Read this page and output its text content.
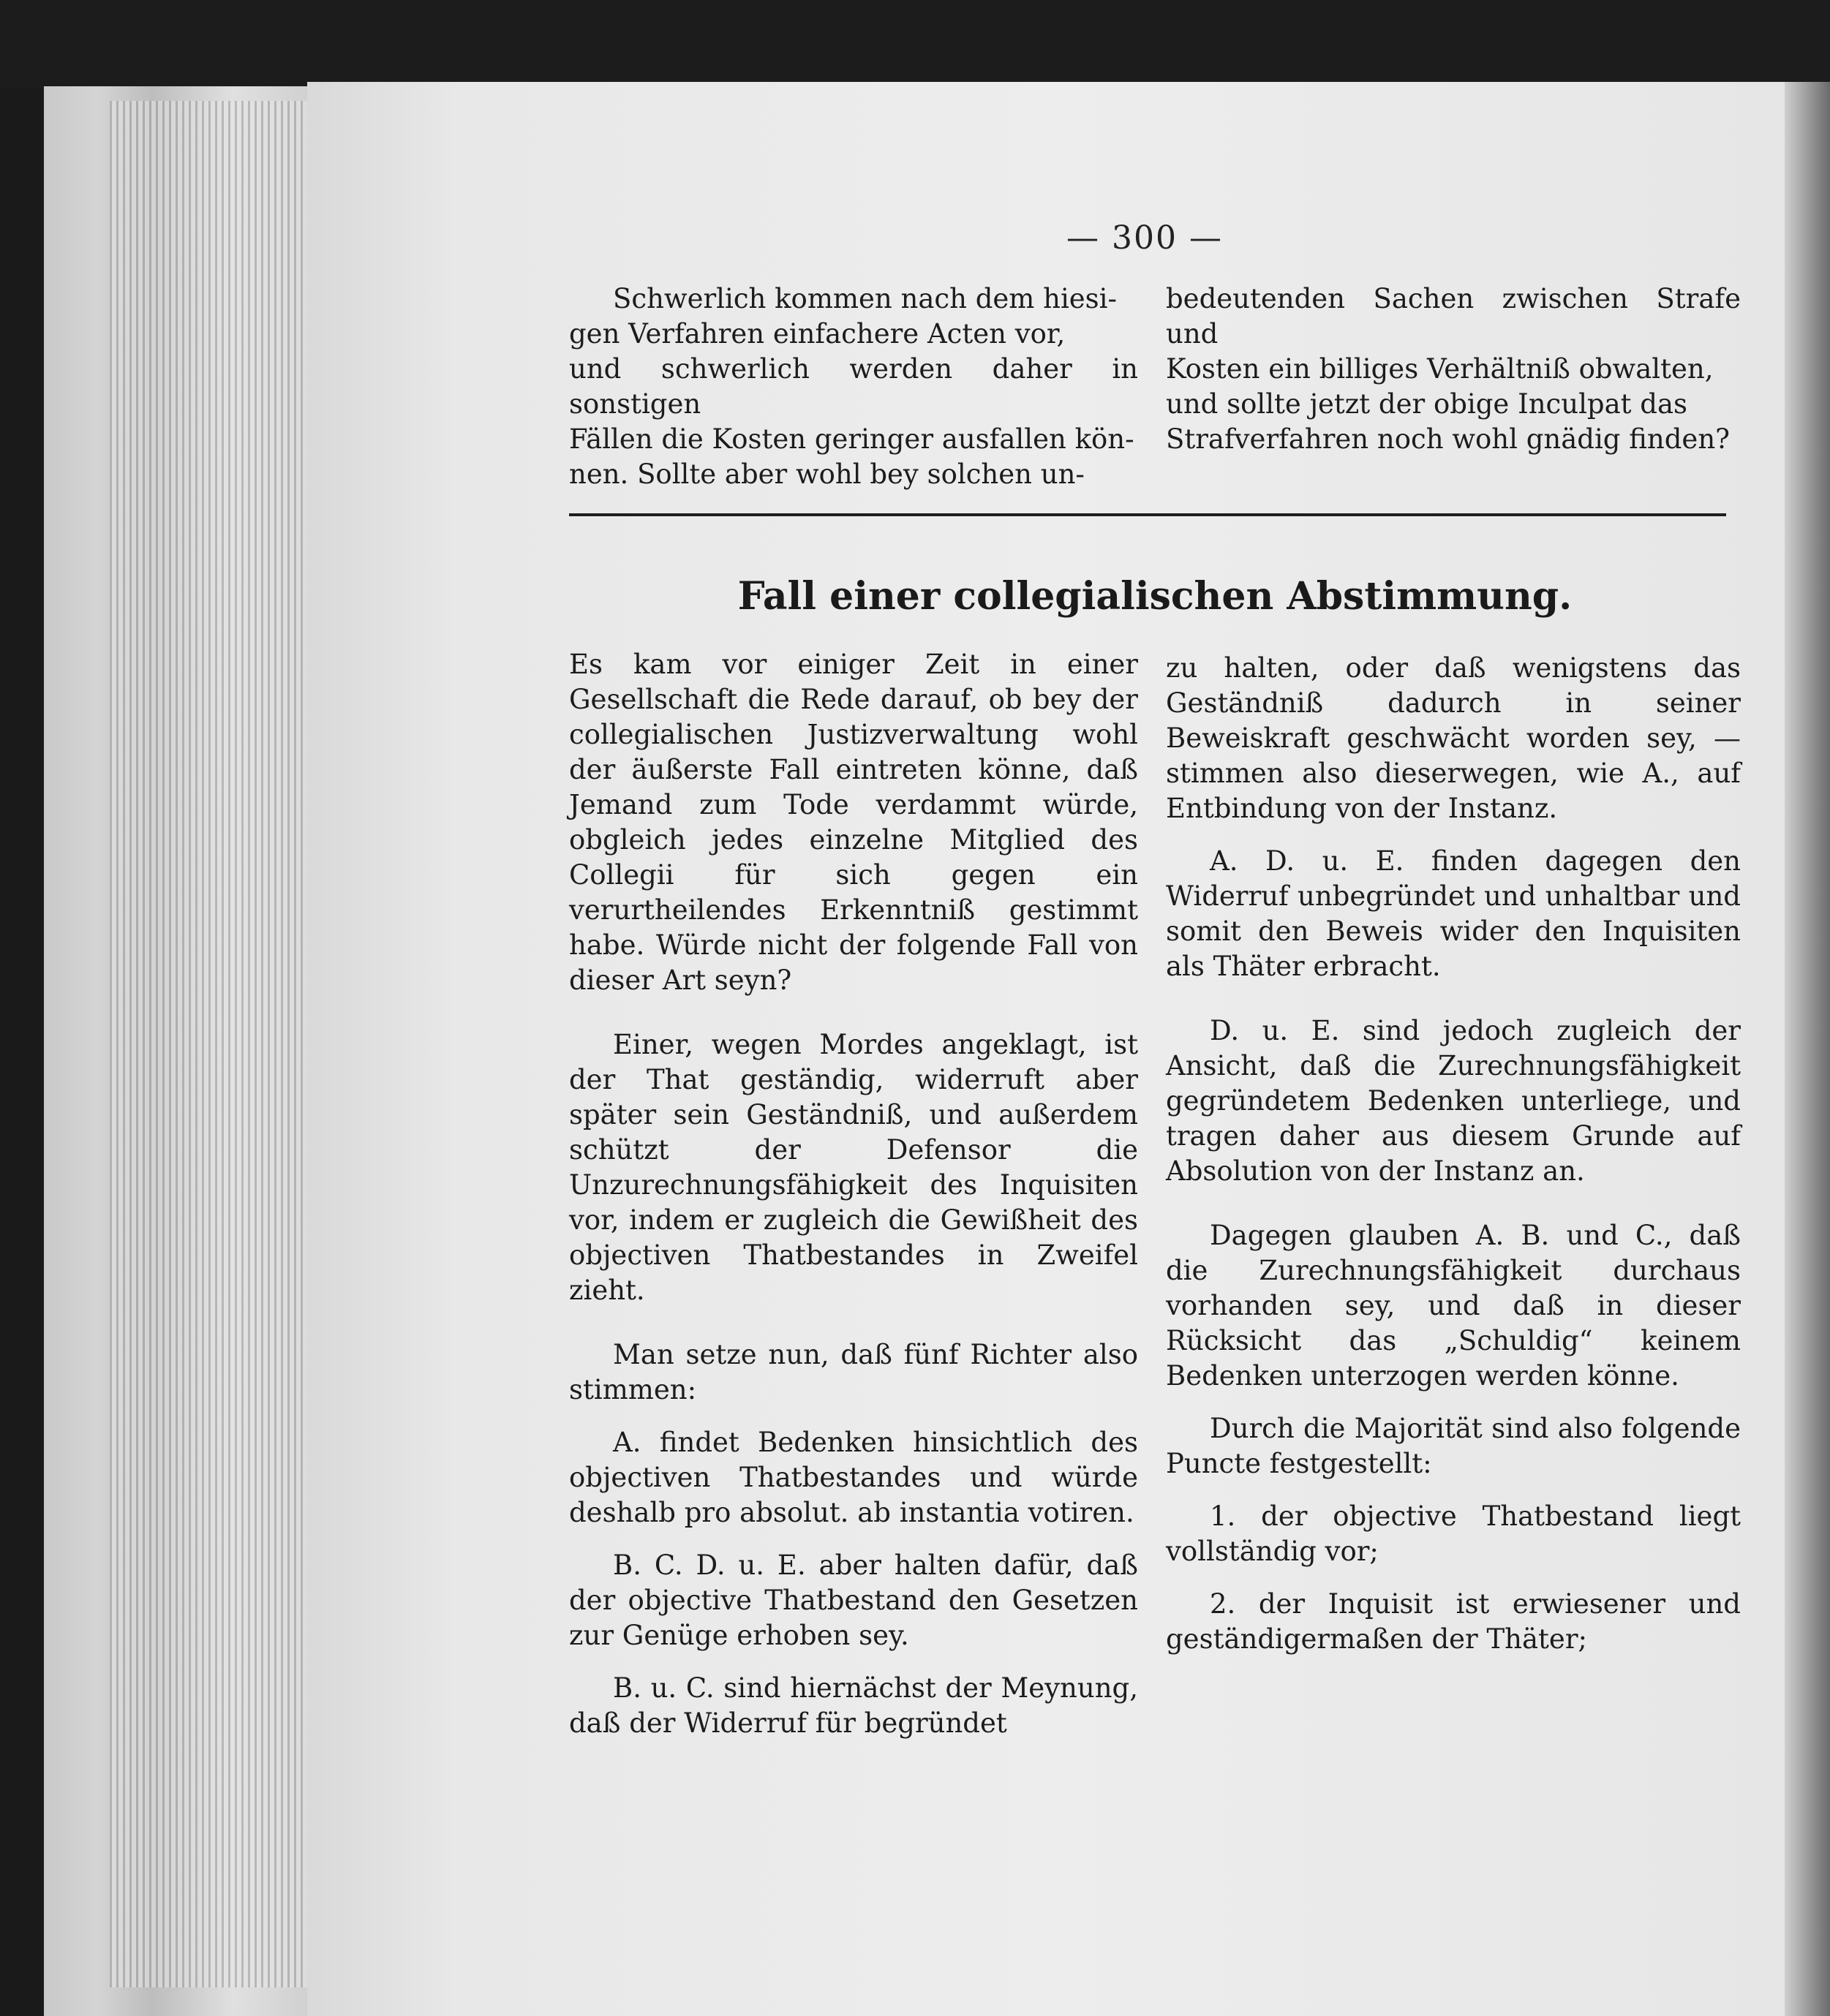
— 300 —

Schwerlich kommen nach dem hiesi-

gen Verfahren einfachere Acten vor,

und schwerlich werden daher in sonstigen

Fällen die Kosten geringer ausfallen kön-

nen. Sollte aber wohl bey solchen un-

bedeutenden Sachen zwischen Strafe und

Kosten ein billiges Verhältniß obwalten,

und sollte jetzt der obige Inculpat das

Strafverfahren noch wohl gnädig finden?

Fall einer collegialischen Abstimmung.

Es kam vor einiger Zeit in einer Gesellschaft die Rede darauf, ob bey der collegialischen Justizverwaltung wohl der äußerste Fall eintreten könne, daß Jemand zum Tode verdammt würde, obgleich jedes einzelne Mitglied des Collegii für sich gegen ein verurtheilendes Erkenntniß gestimmt habe. Würde nicht der folgende Fall von dieser Art seyn?

Einer, wegen Mordes angeklagt, ist der That geständig, widerruft aber später sein Geständniß, und außerdem schützt der Defensor die Unzurechnungsfähigkeit des Inquisiten vor, indem er zugleich die Gewißheit des objectiven Thatbestandes in Zweifel zieht.

Man setze nun, daß fünf Richter also stimmen:

A. findet Bedenken hinsichtlich des objectiven Thatbestandes und würde deshalb pro absolut. ab instantia votiren.

B. C. D. u. E. aber halten dafür, daß der objective Thatbestand den Gesetzen zur Genüge erhoben sey.

B. u. C. sind hiernächst der Meynung, daß der Widerruf für begründet

zu halten, oder daß wenigstens das Geständniß dadurch in seiner Beweiskraft geschwächt worden sey, — stimmen also dieserwegen, wie A., auf Entbindung von der Instanz.

A. D. u. E. finden dagegen den Widerruf unbegründet und unhaltbar und somit den Beweis wider den Inquisiten als Thäter erbracht.

D. u. E. sind jedoch zugleich der Ansicht, daß die Zurechnungsfähigkeit gegründetem Bedenken unterliege, und tragen daher aus diesem Grunde auf Absolution von der Instanz an.

Dagegen glauben A. B. und C., daß die Zurechnungsfähigkeit durchaus vorhanden sey, und daß in dieser Rücksicht das „Schuldig“ keinem Bedenken unterzogen werden könne.

Durch die Majorität sind also folgende Puncte festgestellt:

1. der objective Thatbestand liegt vollständig vor;

2. der Inquisit ist erwiesener und geständigermaßen der Thäter;
